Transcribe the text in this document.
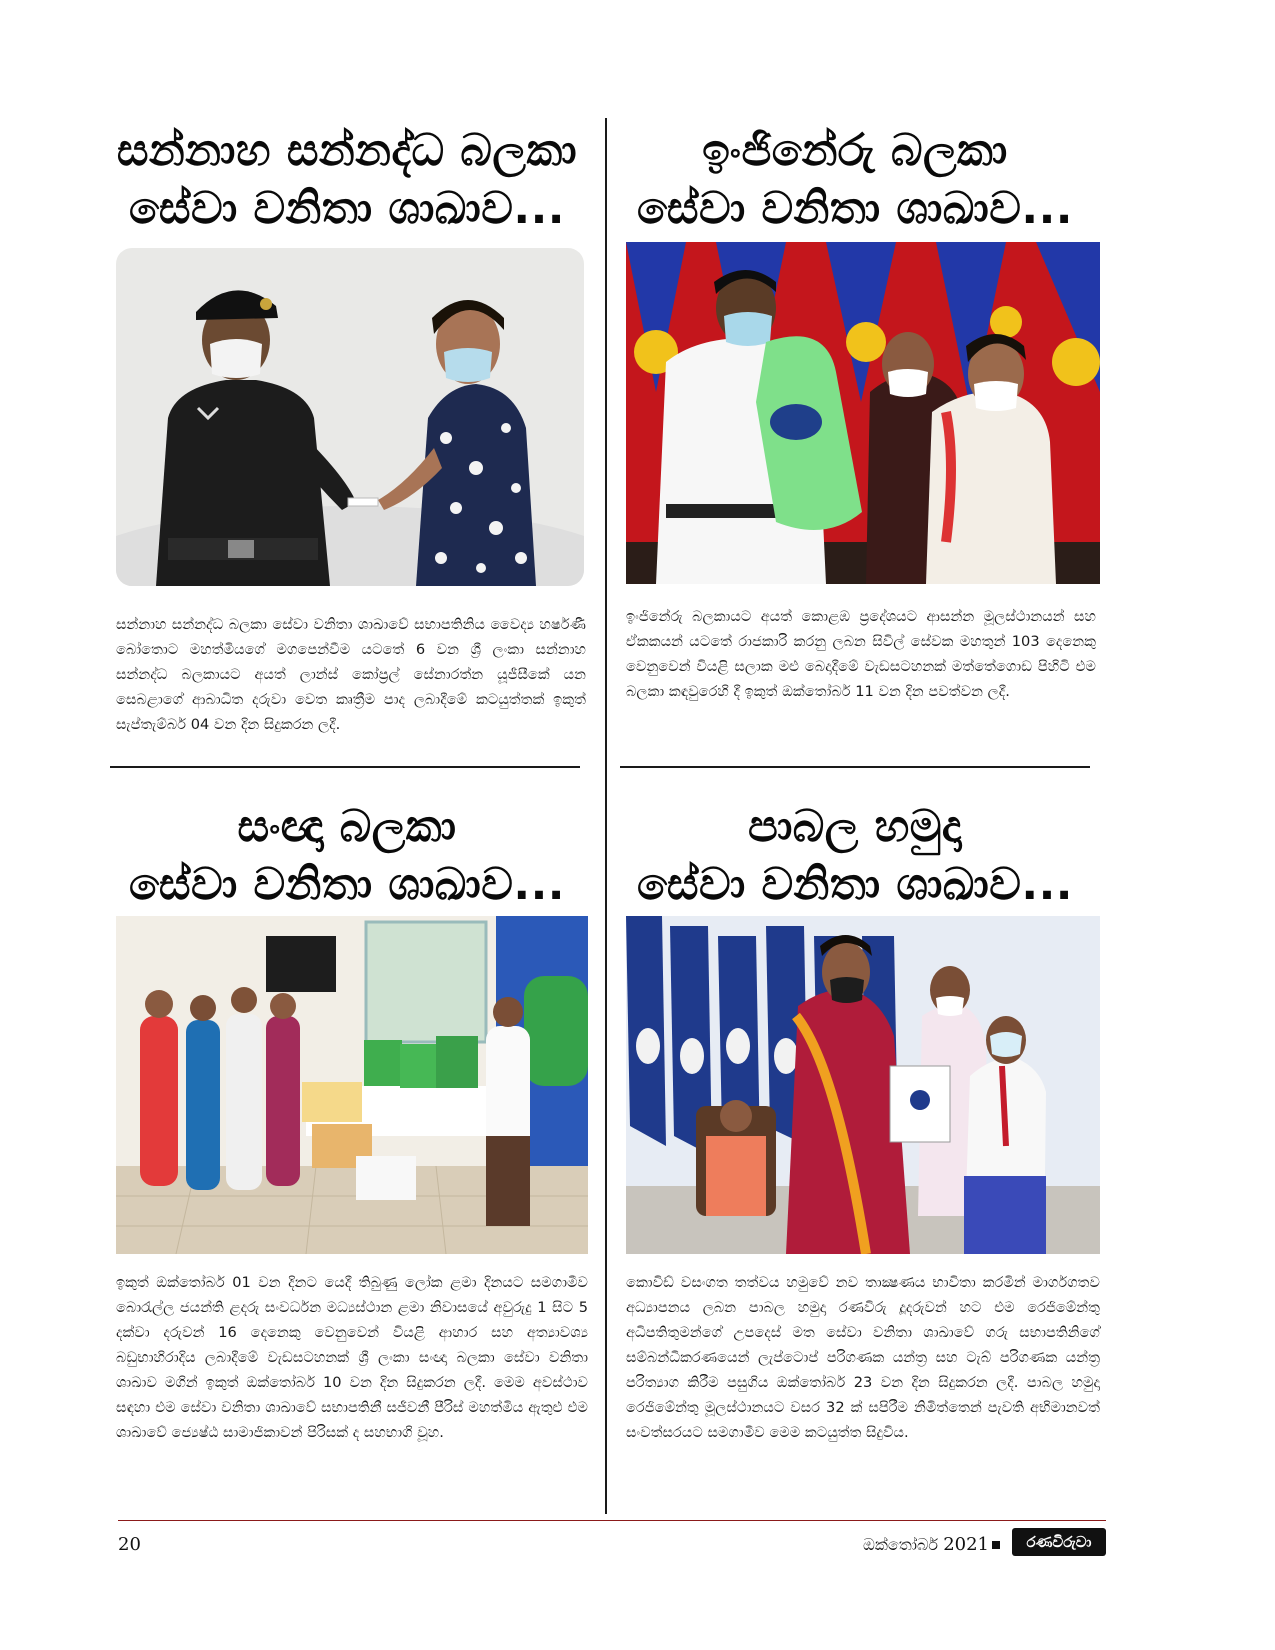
සන්නාහ සන්නද්ධ බලකා
සේවා වනිතා ශාඛාව...

සන්නාහ සන්නද්ධ බලකා සේවා වනිතා ශාඛාවේ සභාපතිනිය වෛද්‍ය හර්ෂණී බෝතොට මහත්මියගේ මගපෙන්වීම යටතේ 6 වන ශ්‍රී ලංකා සන්නාහ සන්නද්ධ බලකායට අයත් ලාන්ස් කෝප්‍රල් සේනාරත්න යූජීසීකේ යන සෙබළාගේ ආබාධිත දරුවා වෙත කෘත්‍රීම පාද ලබාදීමේ කටයුත්තක් ඉකුත් සැප්තැම්බර් 04 වන දින සිදුකරන ලදී.

ඉංජිනේරු බලකා
සේවා වනිතා ශාඛාව...

ඉංජිනේරු බලකායට අයත් කොළඹ ප්‍රදේශයට ආසන්න මූලස්ථානයන් සහ ඒකකයන් යටතේ රාජකාරි කරනු ලබන සිවිල් සේවක මහතුන් 103 දෙනෙකු වෙනුවෙන් වියළි සලාක මළු බෙදාදීමේ වැඩසටහනක් මත්තේගොඩ පිහිටි එම බලකා කඳවුරෙහි දී ඉකුත් ඔක්තෝබර් 11 වන දින පවත්වන ලදී.

සංඥා බලකා
සේවා වනිතා ශාඛාව...

ඉකුත් ඔක්තෝබර් 01 වන දිනට යෙදී තිබුණු ලෝක ළමා දිනයට සමගාමීව බොරැල්ල ජයන්ති ළදරු සංවර්ධන මධ්‍යස්ථාන ළමා නිවාසයේ අවුරුදු 1 සිට 5 දක්වා දරුවන් 16 දෙනෙකු වෙනුවෙන් වියළි ආහාර සහ අත්‍යාවශ්‍ය බඩුභාහිරාදිය ලබාදීමේ වැඩසටහනක් ශ්‍රී ලංකා සංඥා බලකා සේවා වනිතා ශාඛාව මගින් ඉකුත් ඔක්තෝබර් 10 වන දින සිදුකරන ලදී. මෙම අවස්ථාව සඳහා එම සේවා වනිතා ශාඛාවේ සභාපතිනී සජීවනී පීරිස් මහත්මිය ඇතුළු එම ශාඛාවේ ජ්‍යෙෂ්ඨ සාමාජිකාවන් පිරිසක් ද සහභාගි වූහ.

පාබල හමුදා
සේවා වනිතා ශාඛාව...

කොවිඩ් වසංගත තත්වය හමුවේ නව තාක්‍ෂණය භාවිතා කරමින් මාර්ගගතව අධ්‍යාපනය ලබන පාබල හමුදා රණවිරු දූදරුවන් හට එම රෙජිමේන්තු අධිපතිතුමන්ගේ උපදෙස් මත සේවා වනිතා ශාඛාවේ ගරු සභාපතිනිගේ සම්බන්ධීකරණයෙන් ලැප්ටොප් පරිගණක යන්ත්‍ර සහ ටැබ් පරිගණක යන්ත්‍ර පරිත්‍යාග කිරීම පසුගිය ඔක්තෝබර් 23 වන දින සිදුකරන ලදී. පාබල හමුදා රෙජිමේන්තු මූලස්ථානයට වසර 32 ක් සපිරීම නිමිත්තෙන් පැවති අභිමානවත් සංවත්සරයට සමගාමීව මෙම කටයුත්ත සිදුවිය.

20	ඔක්තෝබර් 2021	රණවිරුවා
